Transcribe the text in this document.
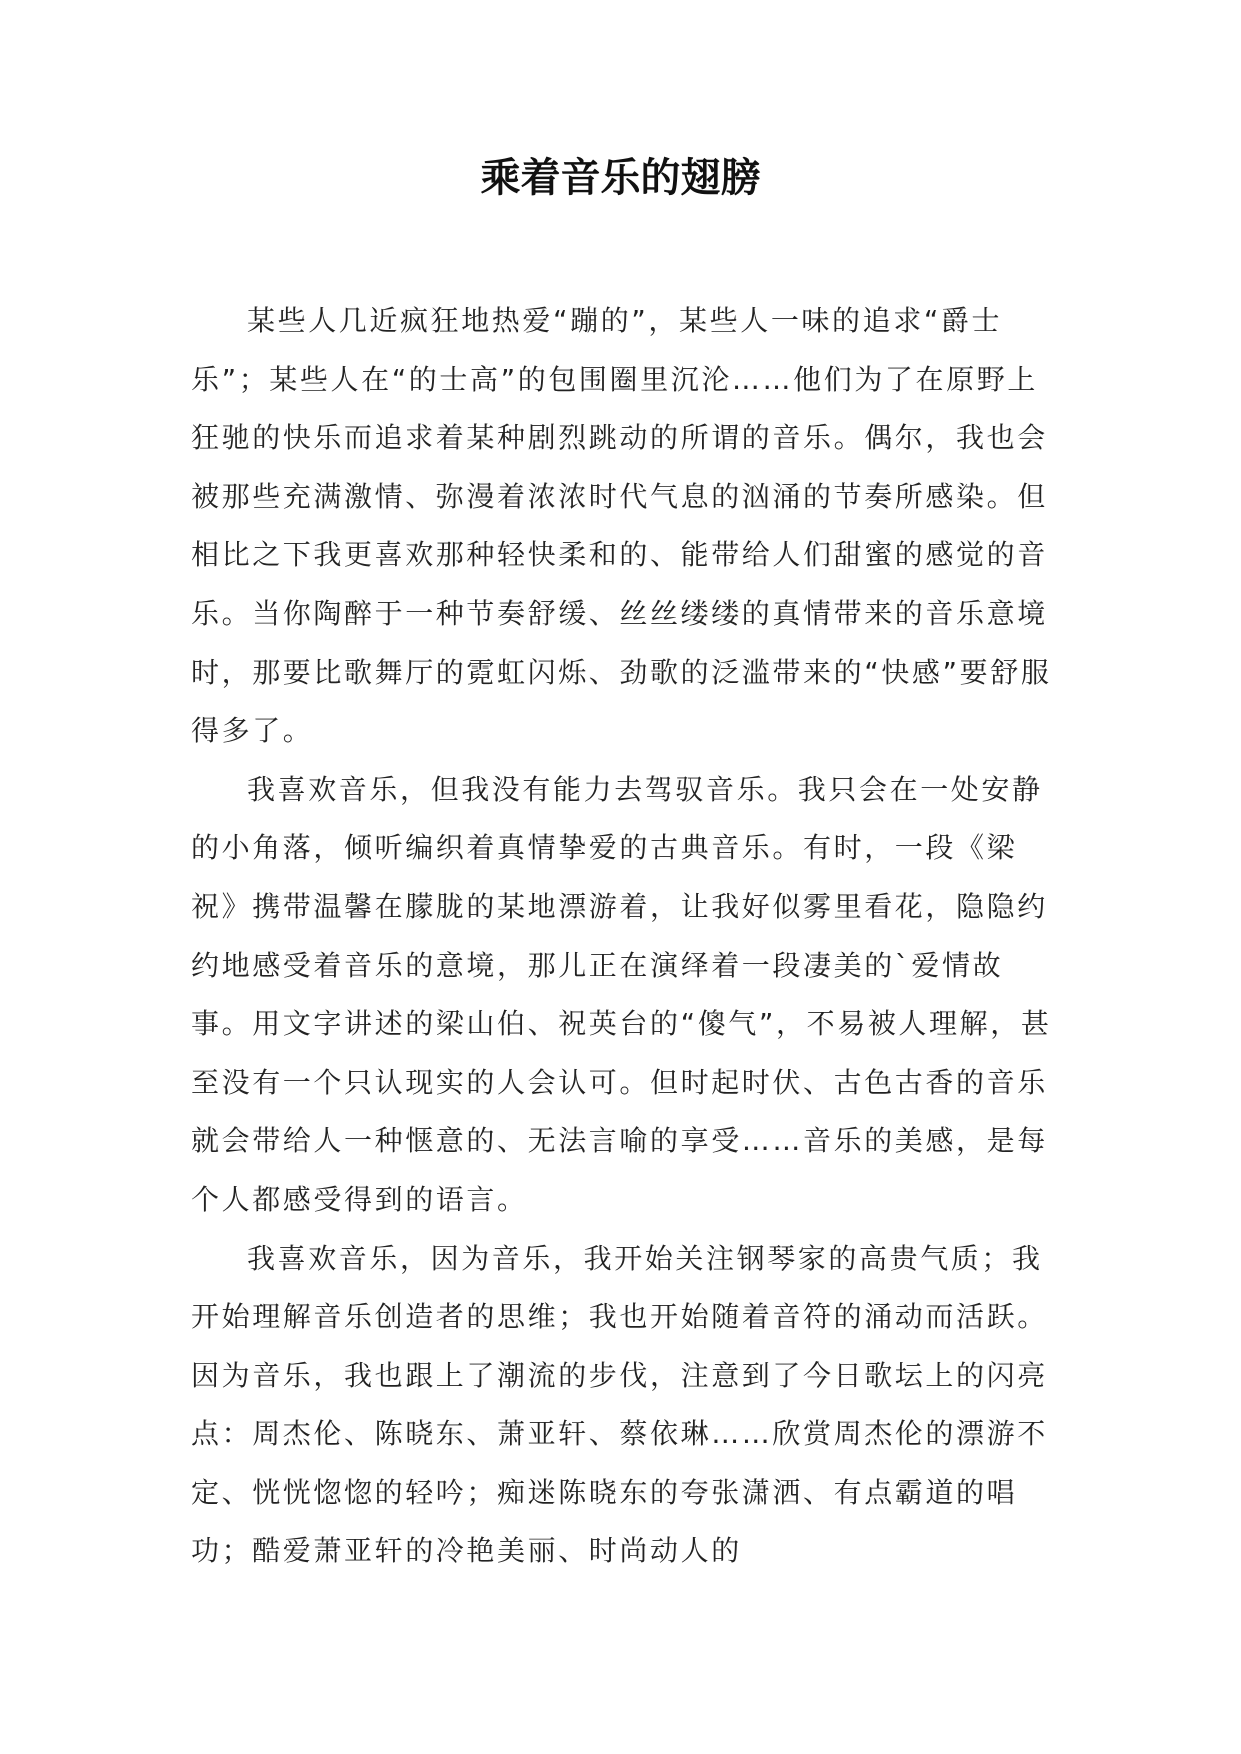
乘着音乐的翅膀

某些人几近疯狂地热爱“蹦的”，某些人一味的追求“爵士乐”；某些人在“的士高”的包围圈里沉沦……他们为了在原野上狂驰的快乐而追求着某种剧烈跳动的所谓的音乐。偶尔，我也会被那些充满激情、弥漫着浓浓时代气息的汹涌的节奏所感染。但相比之下我更喜欢那种轻快柔和的、能带给人们甜蜜的感觉的音乐。当你陶醉于一种节奏舒缓、丝丝缕缕的真情带来的音乐意境时，那要比歌舞厅的霓虹闪烁、劲歌的泛滥带来的“快感”要舒服得多了。

我喜欢音乐，但我没有能力去驾驭音乐。我只会在一处安静的小角落，倾听编织着真情挚爱的古典音乐。有时，一段《梁祝》携带温馨在朦胧的某地漂游着，让我好似雾里看花，隐隐约约地感受着音乐的意境，那儿正在演绎着一段凄美的`爱情故事。用文字讲述的梁山伯、祝英台的“傻气”，不易被人理解，甚至没有一个只认现实的人会认可。但时起时伏、古色古香的音乐就会带给人一种惬意的、无法言喻的享受……音乐的美感，是每个人都感受得到的语言。

我喜欢音乐，因为音乐，我开始关注钢琴家的高贵气质；我开始理解音乐创造者的思维；我也开始随着音符的涌动而活跃。因为音乐，我也跟上了潮流的步伐，注意到了今日歌坛上的闪亮点：周杰伦、陈晓东、萧亚轩、蔡依琳……欣赏周杰伦的漂游不定、恍恍惚惚的轻吟；痴迷陈晓东的夸张潇洒、有点霸道的唱功；酷爱萧亚轩的冷艳美丽、时尚动人的
